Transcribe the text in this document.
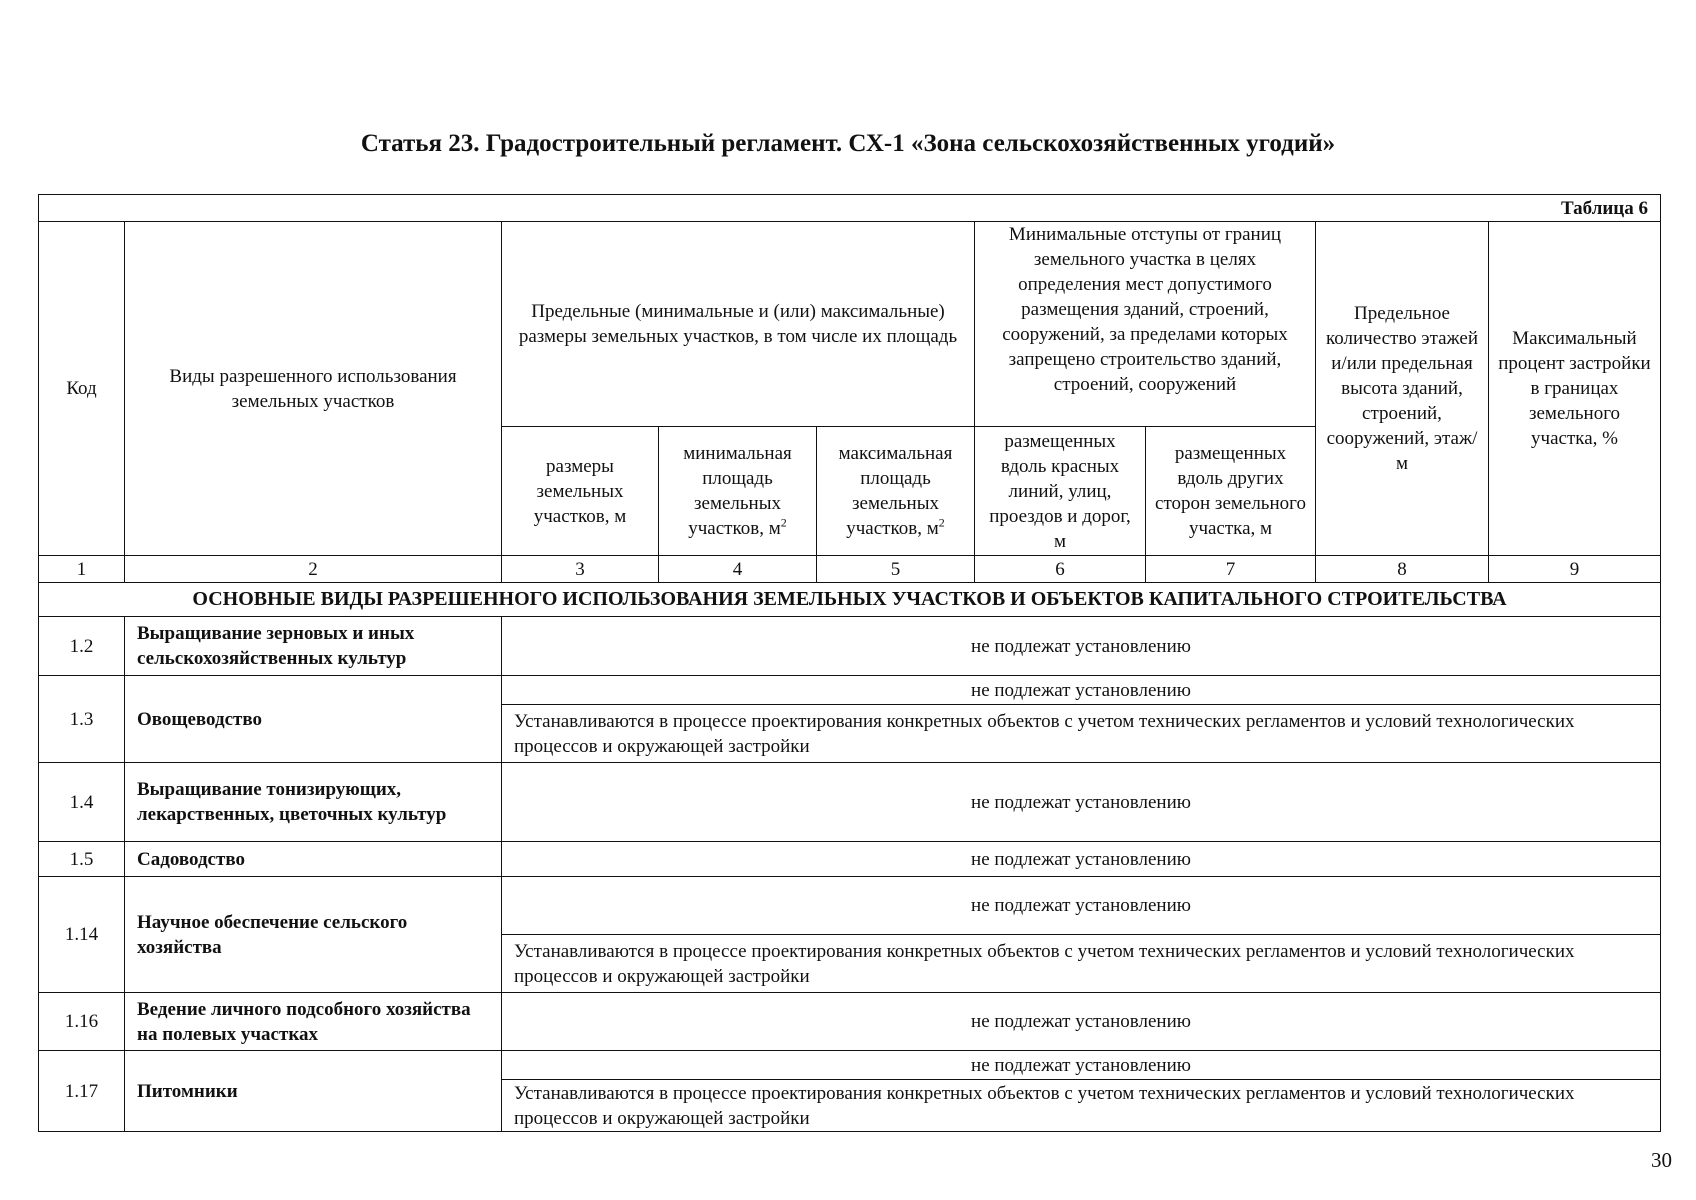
Статья 23. Градостроительный регламент. СХ-1 «Зона сельскохозяйственных угодий»
Таблица 6								
Код	Виды разрешенного использования земельных участков	Предельные (минимальные и (или) максимальные) размеры земельных участков, в том числе их площадь			Минимальные отступы от границ земельного участка в целях определения мест допустимого размещения зданий, строений, сооружений, за пределами которых запрещено строительство зданий, строений, сооружений		Предельное количество этажей и/или предельная высота зданий, строений, сооружений, этаж/м	Максимальный процент застройки в границах земельного участка, %
		размеры земельных участков, м	минимальная площадь земельных участков, $м^2$	максимальная площадь земельных участков, $м^2$	размещенных вдоль красных линий, улиц, проездов и дорог, м	размещенных вдоль других сторон земельного участка, м		
1	2	3	4	5	6	7	8	9
ОСНОВНЫЕ ВИДЫ РАЗРЕШЕННОГО ИСПОЛЬЗОВАНИЯ ЗЕМЕЛЬНЫХ УЧАСТКОВ И ОБЪЕКТОВ КАПИТАЛЬНОГО СТРОИТЕЛЬСТВА								
1.2	Выращивание зерновых и иных сельскохозяйственных культур	не подлежат установлению						
1.3	Овощеводство	не подлежат установлению						
		Устанавливаются в процессе проектирования конкретных объектов с учетом технических регламентов и условий технологических процессов и окружающей застройки						
1.4	Выращивание тонизирующих, лекарственных, цветочных культур	не подлежат установлению						
1.5	Садоводство	не подлежат установлению						
1.14	Научное обеспечение сельского хозяйства	не подлежат установлению						
		Устанавливаются в процессе проектирования конкретных объектов с учетом технических регламентов и условий технологических процессов и окружающей застройки						
1.16	Ведение личного подсобного хозяйства на полевых участках	не подлежат установлению						
1.17	Питомники	не подлежат установлению						
		Устанавливаются в процессе проектирования конкретных объектов с учетом технических регламентов и условий технологических процессов и окружающей застройки						
30
